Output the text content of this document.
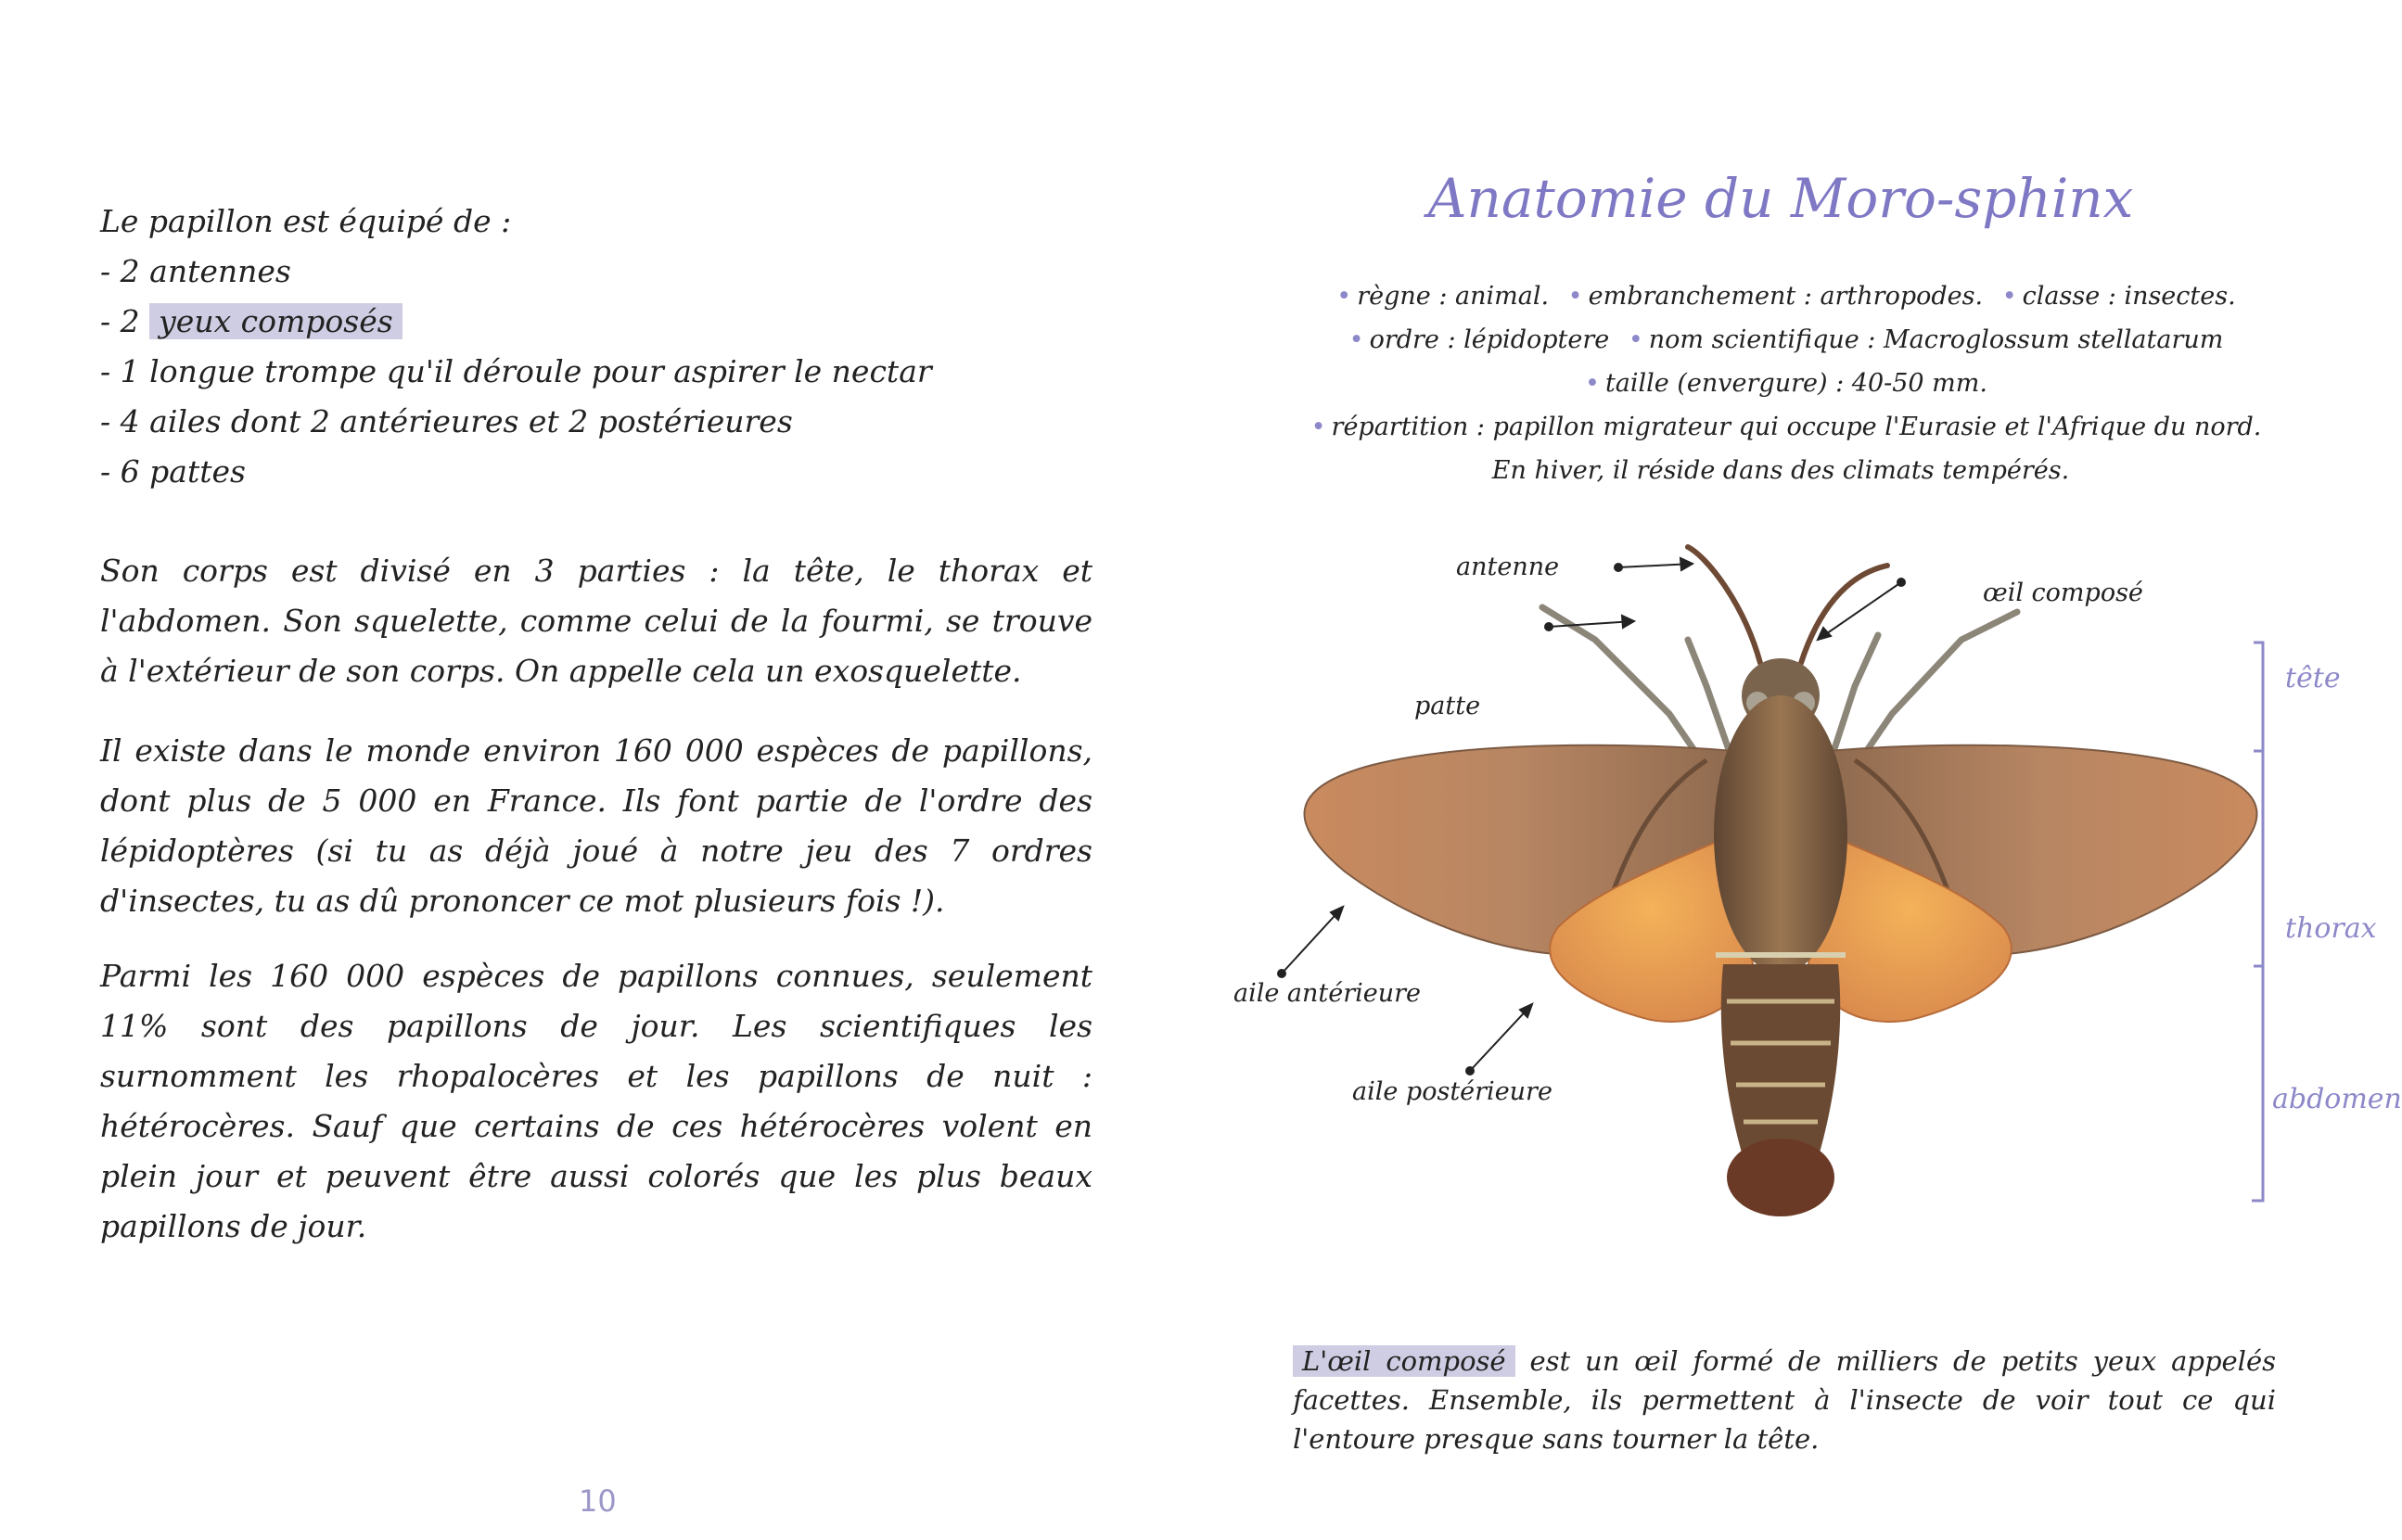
Le papillon est équipé de :
- 2 antennes
- 2 yeux composés
- 1 longue trompe qu'il déroule pour aspirer le nectar
- 4 ailes dont 2 antérieures et 2 postérieures
- 6 pattes

Son corps est divisé en 3 parties : la tête, le thorax et l'abdomen. Son squelette, comme celui de la fourmi, se trouve à l'extérieur de son corps. On appelle cela un exosquelette.

Il existe dans le monde environ 160 000 espèces de papillons, dont plus de 5 000 en France. Ils font partie de l'ordre des lépidoptères (si tu as déjà joué à notre jeu des 7 ordres d'insectes, tu as dû prononcer ce mot plusieurs fois !).

Parmi les 160 000 espèces de papillons connues, seulement 11% sont des papillons de jour. Les scientifiques les surnomment les rhopalocères et les papillons de nuit : hétérocères. Sauf que certains de ces hétérocères volent en plein jour et peuvent être aussi colorés que les plus beaux papillons de jour.

10
Anatomie du Moro-sphinx
• règne : animal. • embranchement : arthropodes. • classe : insectes.
• ordre : lépidoptere • nom scientifique : Macroglossum stellatarum
• taille (envergure) : 40-50 mm.
• répartition : papillon migrateur qui occupe l'Eurasie et l'Afrique du nord.
En hiver, il réside dans des climats tempérés.
antenne
œil composé
patte
aile antérieure
aile postérieure
tête
thorax
abdomen

L'œil composé est un œil formé de milliers de petits yeux appelés facettes. Ensemble, ils permettent à l'insecte de voir tout ce qui l'entoure presque sans tourner la tête.
